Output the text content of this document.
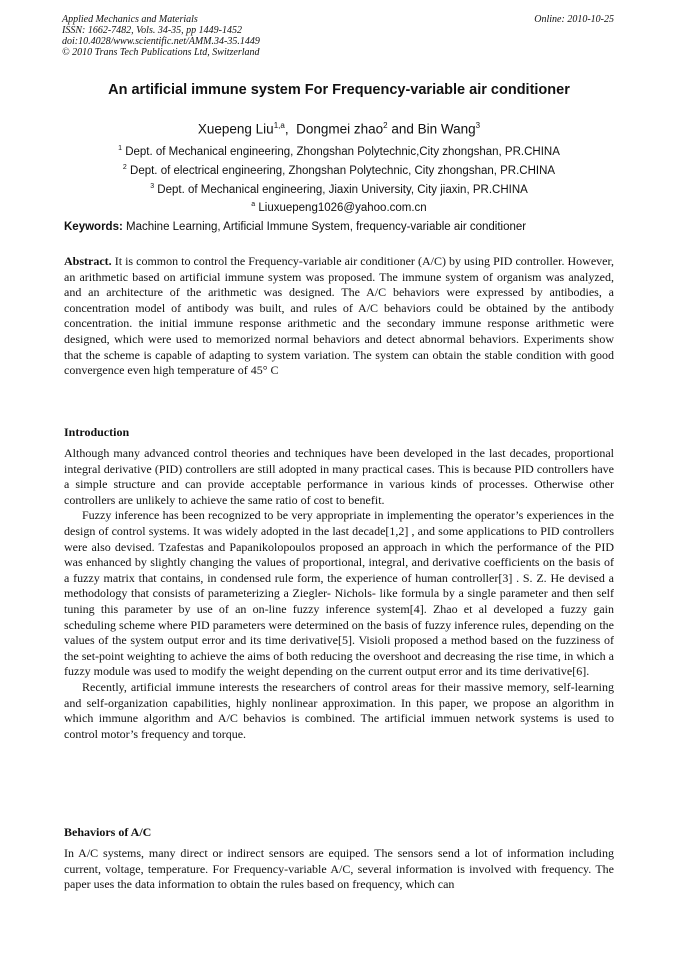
Applied Mechanics and Materials
ISSN: 1662-7482, Vols. 34-35, pp 1449-1452
doi:10.4028/www.scientific.net/AMM.34-35.1449
© 2010 Trans Tech Publications Ltd, Switzerland
Online: 2010-10-25
An artificial immune system For Frequency-variable air conditioner
Xuepeng Liu$^{1,a}$,  Dongmei zhao$^2$ and Bin Wang$^3$
$^1$ Dept. of Mechanical engineering, Zhongshan Polytechnic,City zhongshan, PR.CHINA
$^2$ Dept. of electrical engineering, Zhongshan Polytechnic, City zhongshan, PR.CHINA
$^3$ Dept. of Mechanical engineering, Jiaxin University, City jiaxin, PR.CHINA
$^a$ Liuxuepeng1026@yahoo.com.cn
Keywords: Machine Learning, Artificial Immune System, frequency-variable air conditioner
Abstract. It is common to control the Frequency-variable air conditioner (A/C) by using PID controller. However, an arithmetic based on artificial immune system was proposed. The immune system of organism was analyzed, and an architecture of the arithmetic was designed. The A/C behaviors were expressed by antibodies, a concentration model of antibody was built, and rules of A/C behaviors could be obtained by the antibody concentration. the initial immune response arithmetic and the secondary immune response arithmetic were designed, which were used to memorized normal behaviors and detect abnormal behaviors. Experiments show that the scheme is capable of adapting to system variation. The system can obtain the stable condition with good convergence even high temperature of 45° C
Introduction

Although many advanced control theories and techniques have been developed in the last decades, proportional integral derivative (PID) controllers are still adopted in many practical cases. This is because PID controllers have a simple structure and can provide acceptable performance in various kinds of processes. Otherwise other controllers are unlikely to achieve the same ratio of cost to benefit.

Fuzzy inference has been recognized to be very appropriate in implementing the operator’s experiences in the design of control systems. It was widely adopted in the last decade[1,2] , and some applications to PID controllers were also devised. Tzafestas and Papanikolopoulos proposed an approach in which the performance of the PID was enhanced by slightly changing the values of proportional, integral, and derivative coefficients on the basis of a fuzzy matrix that contains, in condensed rule form, the experience of human controller[3] . S. Z. He devised a methodology that consists of parameterizing a Ziegler- Nichols- like formula by a single parameter and then self tuning this parameter by use of an on-line fuzzy inference system[4]. Zhao et al developed a fuzzy gain scheduling scheme where PID parameters were determined on the basis of fuzzy inference rules, depending on the values of the system output error and its time derivative[5]. Visioli proposed a method based on the fuzziness of the set-point weighting to achieve the aims of both reducing the overshoot and decreasing the rise time, in which a fuzzy module was used to modify the weight depending on the current output error and its time derivative[6].

Recently, artificial immune interests the researchers of control areas for their massive memory, self-learning and self-organization capabilities, highly nonlinear approximation. In this paper, we propose an algorithm in which immune algorithm and A/C behavios is combined. The artificial immuen network systems is used to control motor’s frequency and torque.

Behaviors of A/C

In A/C systems, many direct or indirect sensors are equiped. The sensors send a lot of information including current, voltage, temperature. For Frequency-variable A/C, several information is involved with frequency. The paper uses the data information to obtain the rules based on frequency, which can
